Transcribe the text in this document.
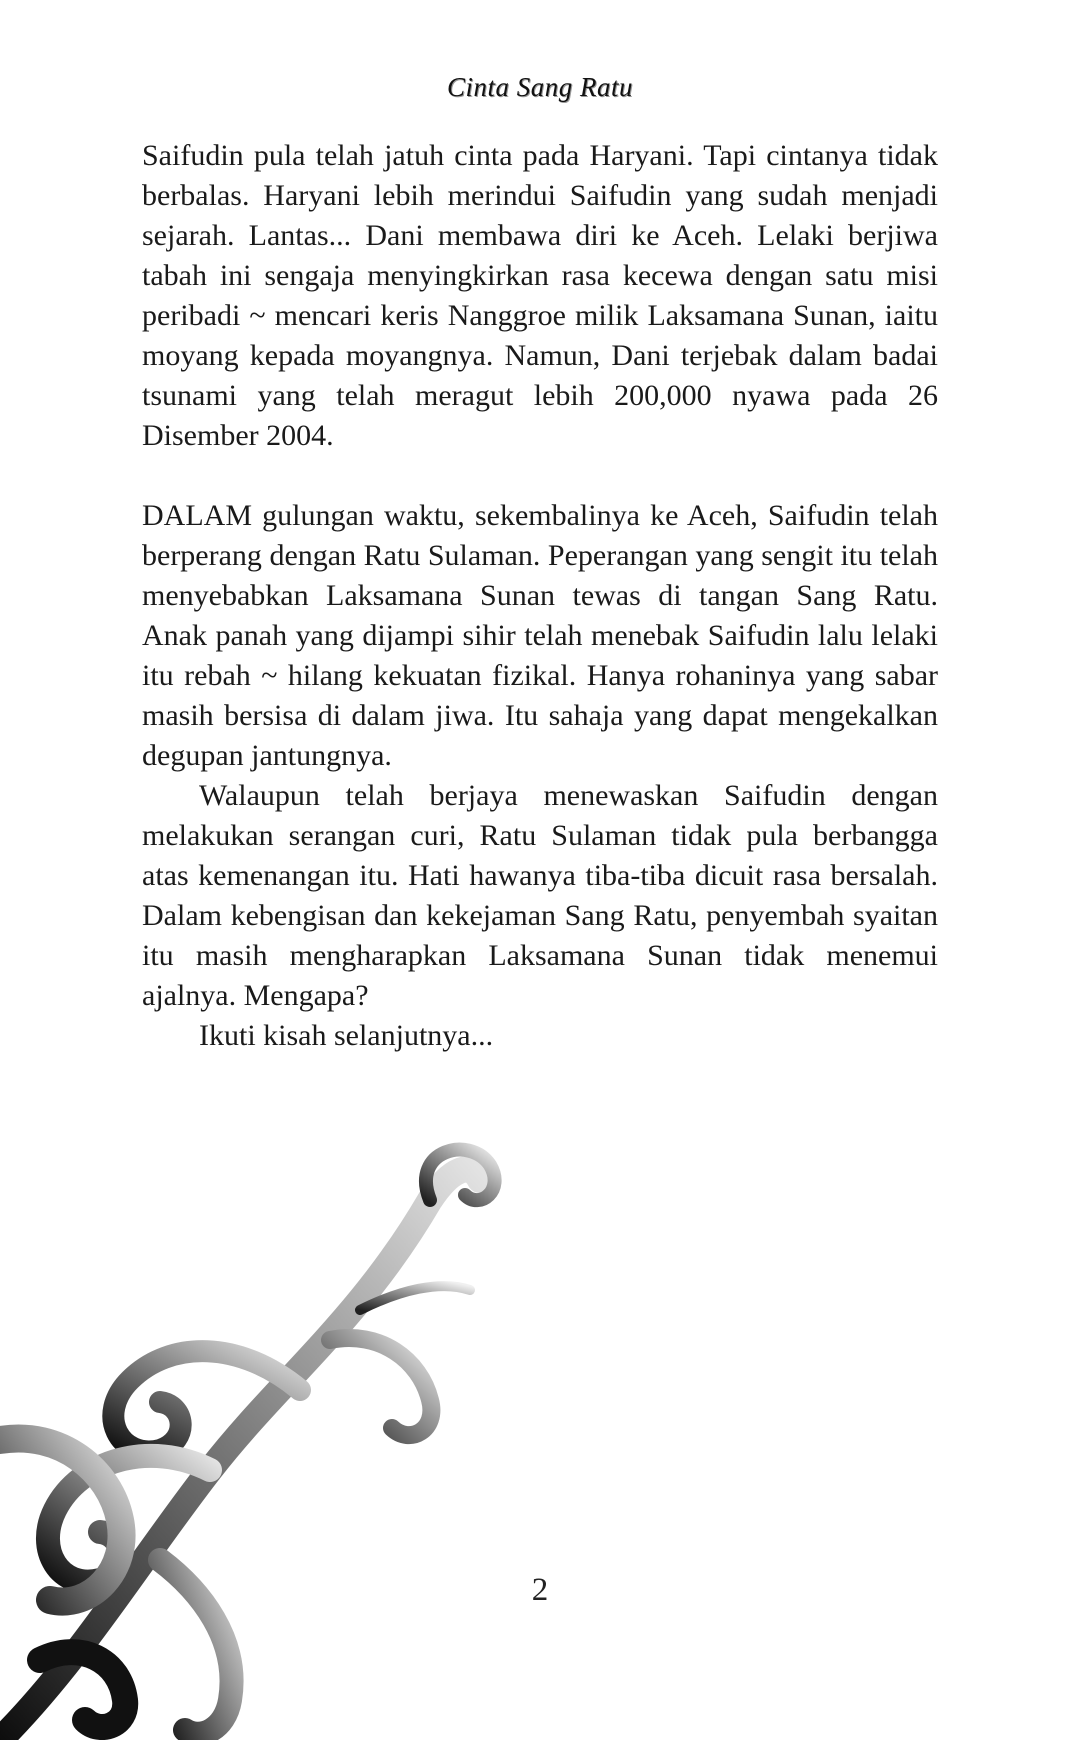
Cinta Sang Ratu

Saifudin pula telah jatuh cinta pada Haryani. Tapi cintanya tidak berbalas. Haryani lebih merindui Saifudin yang sudah menjadi sejarah. Lantas... Dani membawa diri ke Aceh. Lelaki berjiwa tabah ini sengaja menyingkirkan rasa kecewa dengan satu misi peribadi ~ mencari keris Nanggroe milik Laksamana Sunan, iaitu moyang kepada moyangnya. Namun, Dani terjebak dalam badai tsunami yang telah meragut lebih 200,000 nyawa pada 26 Disember 2004.

DALAM gulungan waktu, sekembalinya ke Aceh, Saifudin telah berperang dengan Ratu Sulaman. Peperangan yang sengit itu telah menyebabkan Laksamana Sunan tewas di tangan Sang Ratu. Anak panah yang dijampi sihir telah menebak Saifudin lalu lelaki itu rebah ~ hilang kekuatan fizikal. Hanya rohaninya yang sabar masih bersisa di dalam jiwa. Itu sahaja yang dapat mengekalkan degupan jantungnya.

Walaupun telah berjaya menewaskan Saifudin dengan melakukan serangan curi, Ratu Sulaman tidak pula berbangga atas kemenangan itu. Hati hawanya tiba-tiba dicuit rasa bersalah. Dalam kebengisan dan kekejaman Sang Ratu, penyembah syaitan itu masih mengharapkan Laksamana Sunan tidak menemui ajalnya. Mengapa?

Ikuti kisah selanjutnya...

2
